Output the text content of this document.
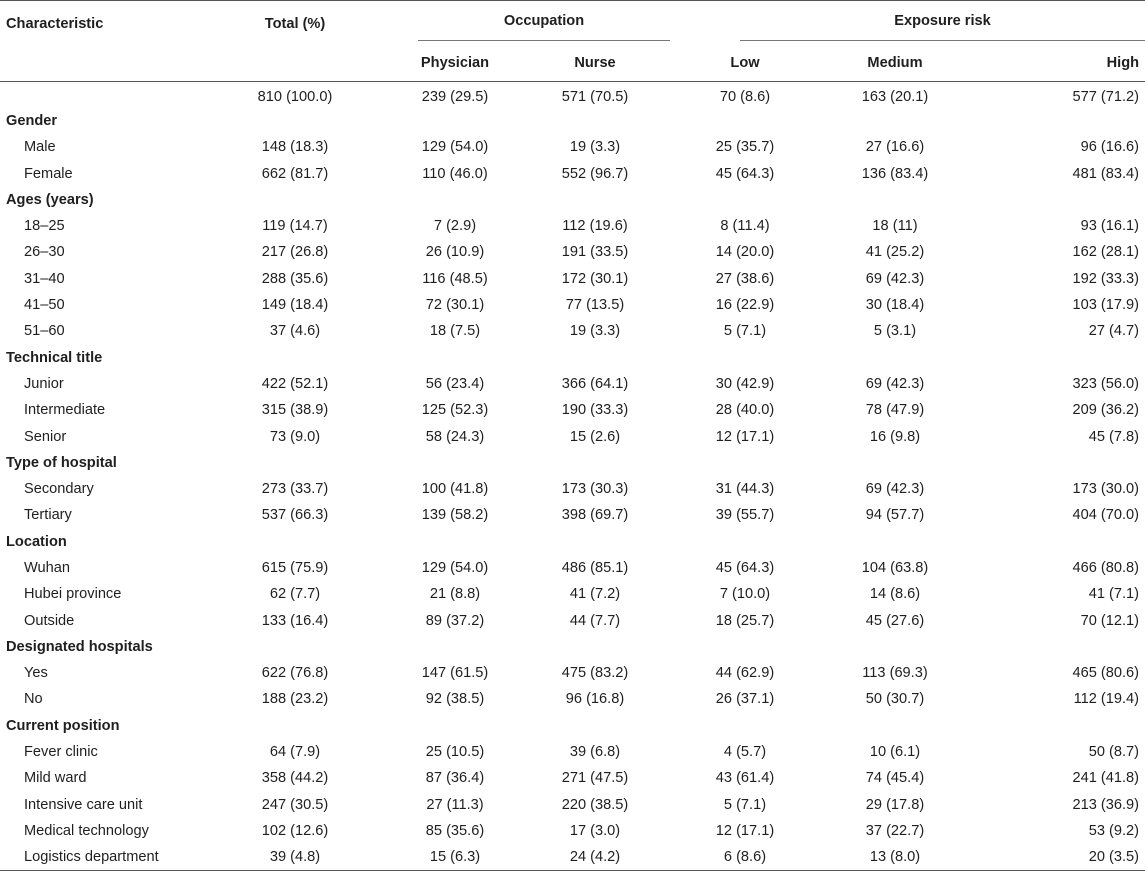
Characteristic	Total (%)	Occupation		Exposure risk		

		Physician	Nurse	Low	Medium	High
	810 (100.0)	239 (29.5)	571 (70.5)	70 (8.6)	163 (20.1)	577 (71.2)
Gender						
Male	148 (18.3)	129 (54.0)	19 (3.3)	25 (35.7)	27 (16.6)	96 (16.6)
Female	662 (81.7)	110 (46.0)	552 (96.7)	45 (64.3)	136 (83.4)	481 (83.4)
Ages (years)						
18–25	119 (14.7)	7 (2.9)	112 (19.6)	8 (11.4)	18 (11)	93 (16.1)
26–30	217 (26.8)	26 (10.9)	191 (33.5)	14 (20.0)	41 (25.2)	162 (28.1)
31–40	288 (35.6)	116 (48.5)	172 (30.1)	27 (38.6)	69 (42.3)	192 (33.3)
41–50	149 (18.4)	72 (30.1)	77 (13.5)	16 (22.9)	30 (18.4)	103 (17.9)
51–60	37 (4.6)	18 (7.5)	19 (3.3)	5 (7.1)	5 (3.1)	27 (4.7)
Technical title						
Junior	422 (52.1)	56 (23.4)	366 (64.1)	30 (42.9)	69 (42.3)	323 (56.0)
Intermediate	315 (38.9)	125 (52.3)	190 (33.3)	28 (40.0)	78 (47.9)	209 (36.2)
Senior	73 (9.0)	58 (24.3)	15 (2.6)	12 (17.1)	16 (9.8)	45 (7.8)
Type of hospital						
Secondary	273 (33.7)	100 (41.8)	173 (30.3)	31 (44.3)	69 (42.3)	173 (30.0)
Tertiary	537 (66.3)	139 (58.2)	398 (69.7)	39 (55.7)	94 (57.7)	404 (70.0)
Location						
Wuhan	615 (75.9)	129 (54.0)	486 (85.1)	45 (64.3)	104 (63.8)	466 (80.8)
Hubei province	62 (7.7)	21 (8.8)	41 (7.2)	7 (10.0)	14 (8.6)	41 (7.1)
Outside	133 (16.4)	89 (37.2)	44 (7.7)	18 (25.7)	45 (27.6)	70 (12.1)
Designated hospitals						
Yes	622 (76.8)	147 (61.5)	475 (83.2)	44 (62.9)	113 (69.3)	465 (80.6)
No	188 (23.2)	92 (38.5)	96 (16.8)	26 (37.1)	50 (30.7)	112 (19.4)
Current position						
Fever clinic	64 (7.9)	25 (10.5)	39 (6.8)	4 (5.7)	10 (6.1)	50 (8.7)
Mild ward	358 (44.2)	87 (36.4)	271 (47.5)	43 (61.4)	74 (45.4)	241 (41.8)
Intensive care unit	247 (30.5)	27 (11.3)	220 (38.5)	5 (7.1)	29 (17.8)	213 (36.9)
Medical technology	102 (12.6)	85 (35.6)	17 (3.0)	12 (17.1)	37 (22.7)	53 (9.2)
Logistics department	39 (4.8)	15 (6.3)	24 (4.2)	6 (8.6)	13 (8.0)	20 (3.5)
